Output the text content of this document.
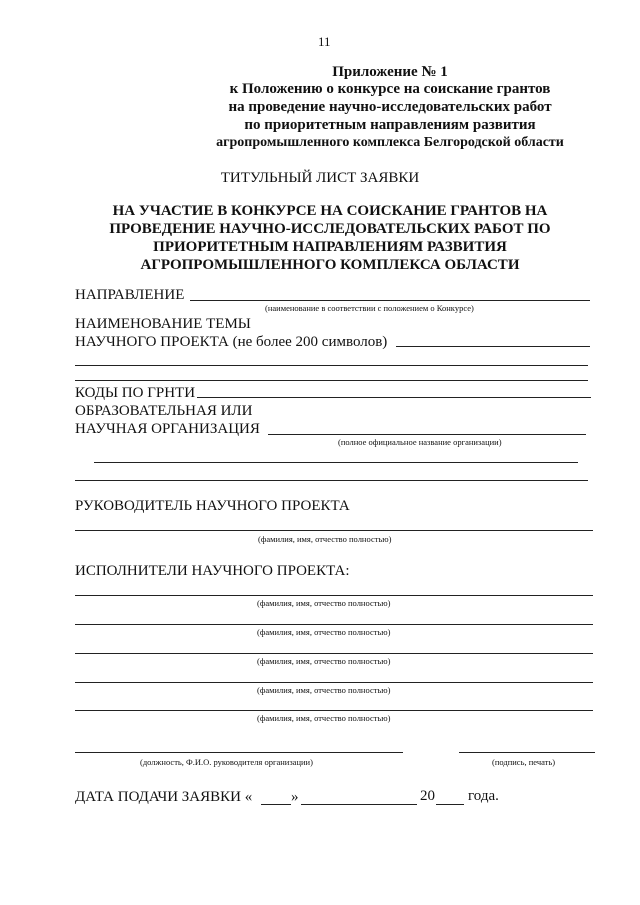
11
Приложение № 1
к Положению о конкурсе на соискание грантов
на проведение научно-исследовательских работ
по приоритетным направлениям развития
агропромышленного комплекса Белгородской области
ТИТУЛЬНЫЙ ЛИСТ ЗАЯВКИ
НА УЧАСТИЕ В КОНКУРСЕ НА СОИСКАНИЕ ГРАНТОВ НА
ПРОВЕДЕНИЕ НАУЧНО-ИССЛЕДОВАТЕЛЬСКИХ РАБОТ ПО
ПРИОРИТЕТНЫМ НАПРАВЛЕНИЯМ РАЗВИТИЯ
АГРОПРОМЫШЛЕННОГО КОМПЛЕКСА ОБЛАСТИ
НАПРАВЛЕНИЕ
(наименование в соответствии с положением о Конкурсе)
НАИМЕНОВАНИЕ ТЕМЫ
НАУЧНОГО ПРОЕКТА (не более 200 символов)
КОДЫ ПО ГРНТИ
ОБРАЗОВАТЕЛЬНАЯ ИЛИ
НАУЧНАЯ ОРГАНИЗАЦИЯ
(полное официальное название организации)
РУКОВОДИТЕЛЬ НАУЧНОГО ПРОЕКТА
(фамилия, имя, отчество полностью)
ИСПОЛНИТЕЛИ НАУЧНОГО ПРОЕКТА:
(фамилия, имя, отчество полностью)
(фамилия, имя, отчество полностью)
(фамилия, имя, отчество полностью)
(фамилия, имя, отчество полностью)
(фамилия, имя, отчество полностью)
(должность, Ф.И.О. руководителя организации)	(подпись, печать)
ДАТА ПОДАЧИ ЗАЯВКИ «	»	20 года.
